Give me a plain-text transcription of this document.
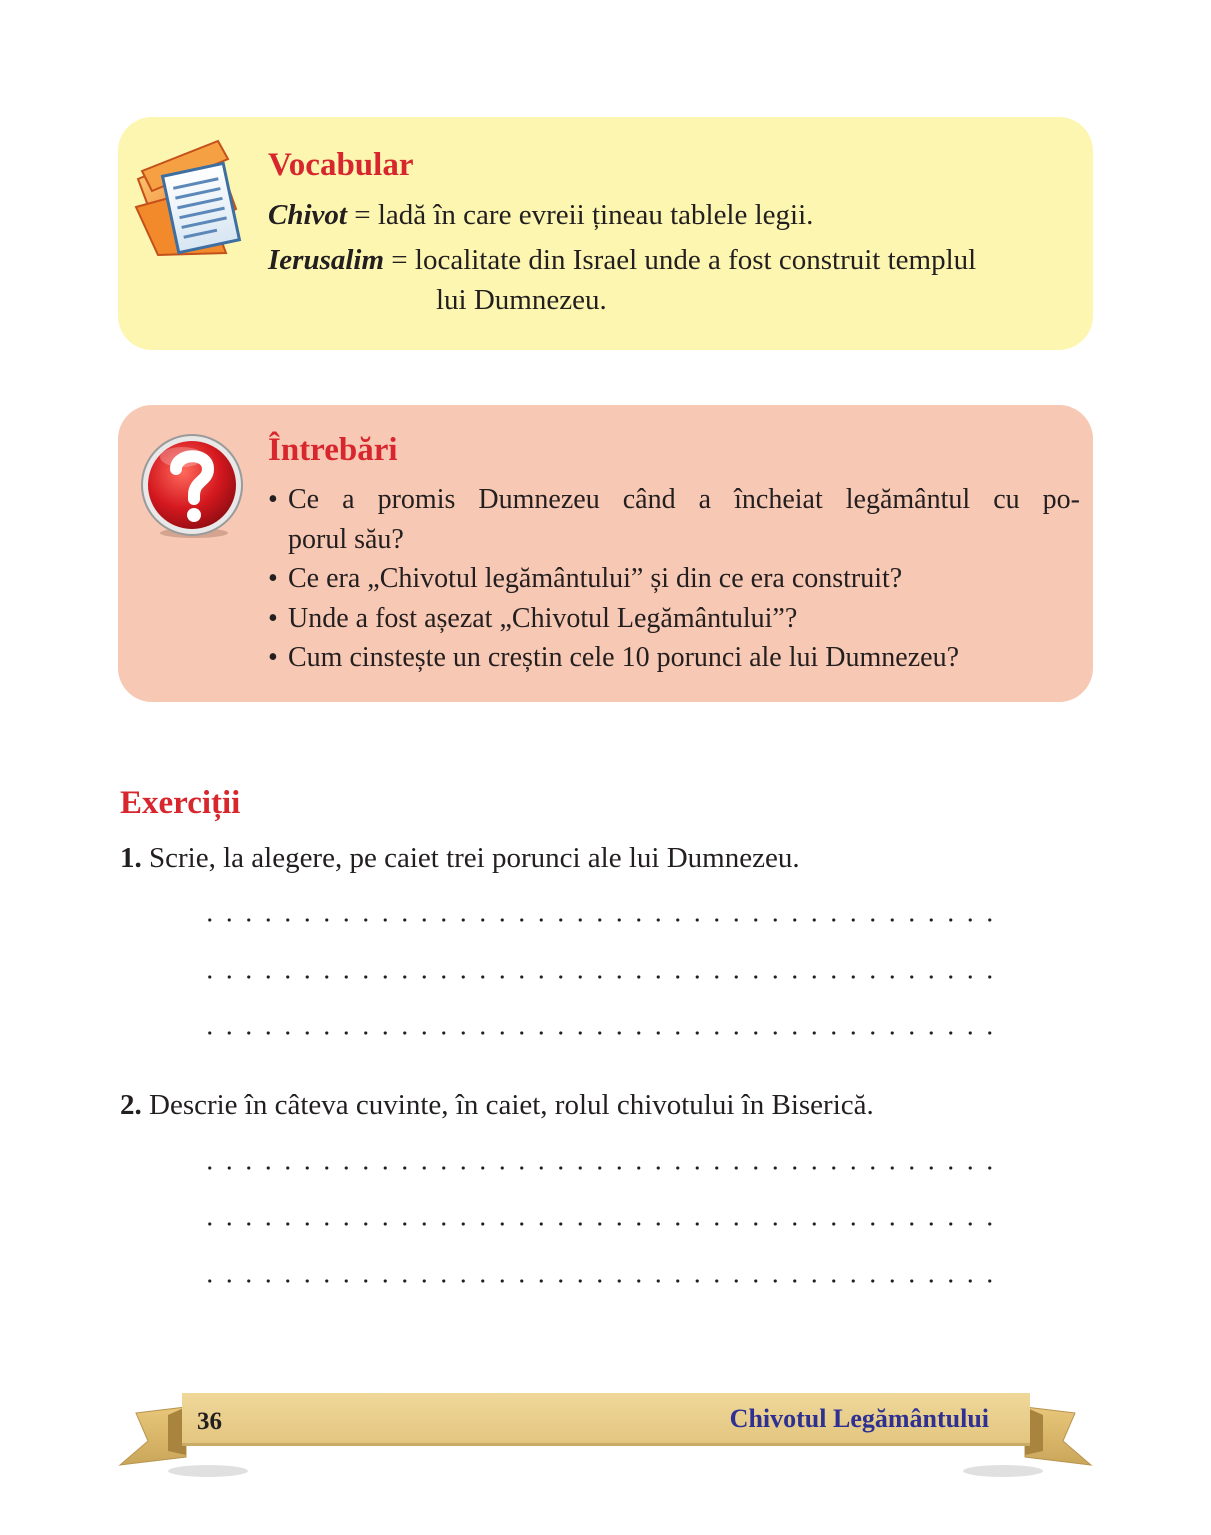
Vocabular
Chivot = ladă în care evreii țineau tablele legii.
Ierusalim = localitate din Israel unde a fost construit templul
lui Dumnezeu.
Întrebări
• Ce a promis Dumnezeu când a încheiat legământul cu po-
porul său?
• Ce era „Chivotul legământului” și din ce era construit?
• Unde a fost așezat „Chivotul Legământului”?
• Cum cinstește un creștin cele 10 porunci ale lui Dumnezeu?
Exerciții
1. Scrie, la alegere, pe caiet trei porunci ale lui Dumnezeu.
2. Descrie în câteva cuvinte, în caiet, rolul chivotului în Biserică.
36	Chivotul Legământului
